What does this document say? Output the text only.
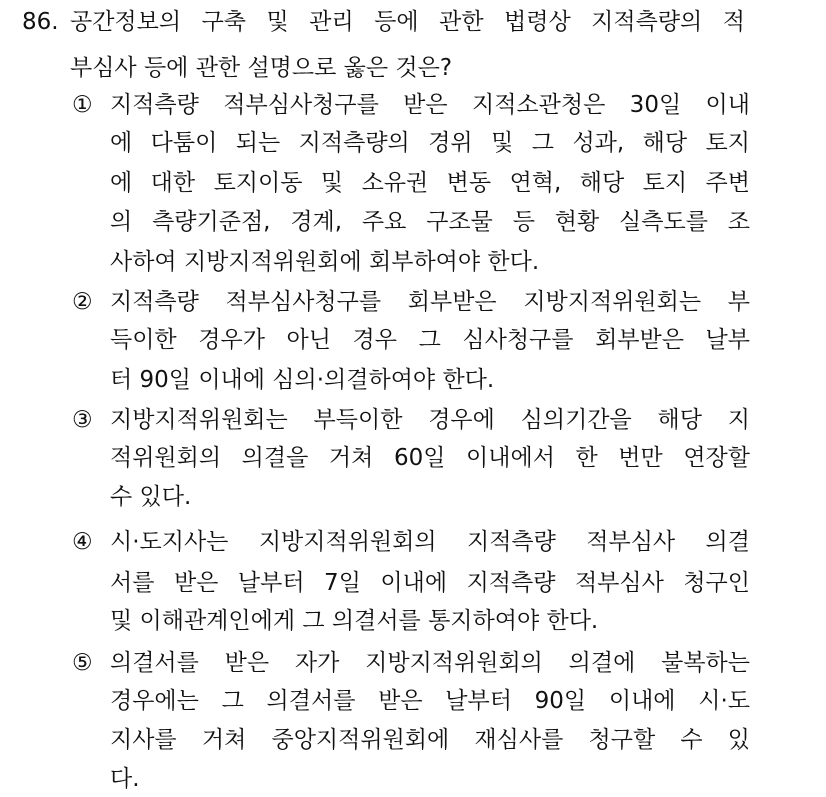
86. 공간정보의 구축 및 관리 등에 관한 법령상 지적측량의 적
부심사 등에 관한 설명으로 옳은 것은?
① 지적측량 적부심사청구를 받은 지적소관청은 30일 이내
에 다툼이 되는 지적측량의 경위 및 그 성과, 해당 토지
에 대한 토지이동 및 소유권 변동 연혁, 해당 토지 주변
의 측량기준점, 경계, 주요 구조물 등 현황 실측도를 조
사하여 지방지적위원회에 회부하여야 한다.
② 지적측량 적부심사청구를 회부받은 지방지적위원회는 부
득이한 경우가 아닌 경우 그 심사청구를 회부받은 날부
터 90일 이내에 심의·의결하여야 한다.
③ 지방지적위원회는 부득이한 경우에 심의기간을 해당 지
적위원회의 의결을 거쳐 60일 이내에서 한 번만 연장할
수 있다.
④ 시·도지사는 지방지적위원회의 지적측량 적부심사 의결
서를 받은 날부터 7일 이내에 지적측량 적부심사 청구인
및 이해관계인에게 그 의결서를 통지하여야 한다.
⑤ 의결서를 받은 자가 지방지적위원회의 의결에 불복하는
경우에는 그 의결서를 받은 날부터 90일 이내에 시·도
지사를 거쳐 중앙지적위원회에 재심사를 청구할 수 있
다.
